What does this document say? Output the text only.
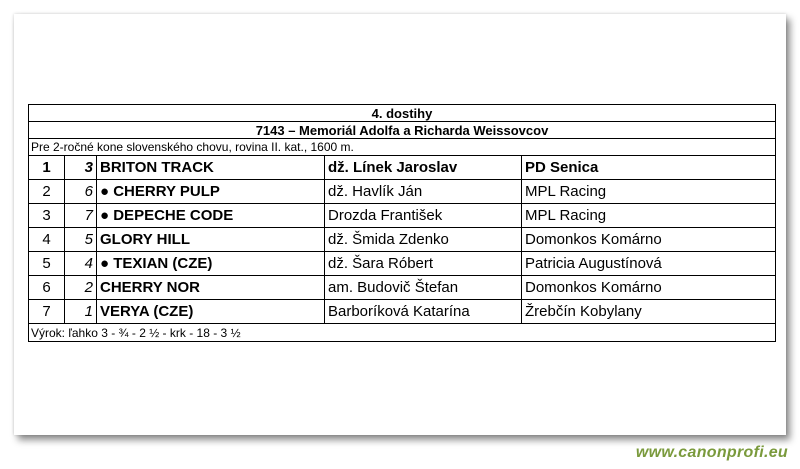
4. dostihy
7143 – Memoriál Adolfa a Richarda Weissovcov
Pre 2-ročné kone slovenského chovu, rovina II. kat., 1600 m.
1	3 BRITON TRACK	dž. Línek Jaroslav	PD Senica
2	6 ● CHERRY PULP	dž. Havlík Ján	MPL Racing
3	7 ● DEPECHE CODE	Drozda František	MPL Racing
4	5 GLORY HILL	dž. Šmida Zdenko	Domonkos Komárno
5	4 ● TEXIAN (CZE)	dž. Šara Róbert	Patricia Augustínová
6	2 CHERRY NOR	am. Budovič Štefan	Domonkos Komárno
7	1 VERYA (CZE)	Barboríková Katarína	Žrebčín Kobylany
Výrok: ľahko 3 - ¾ - 2 ½ - krk - 18 - 3 ½
www.canonprofi.eu
